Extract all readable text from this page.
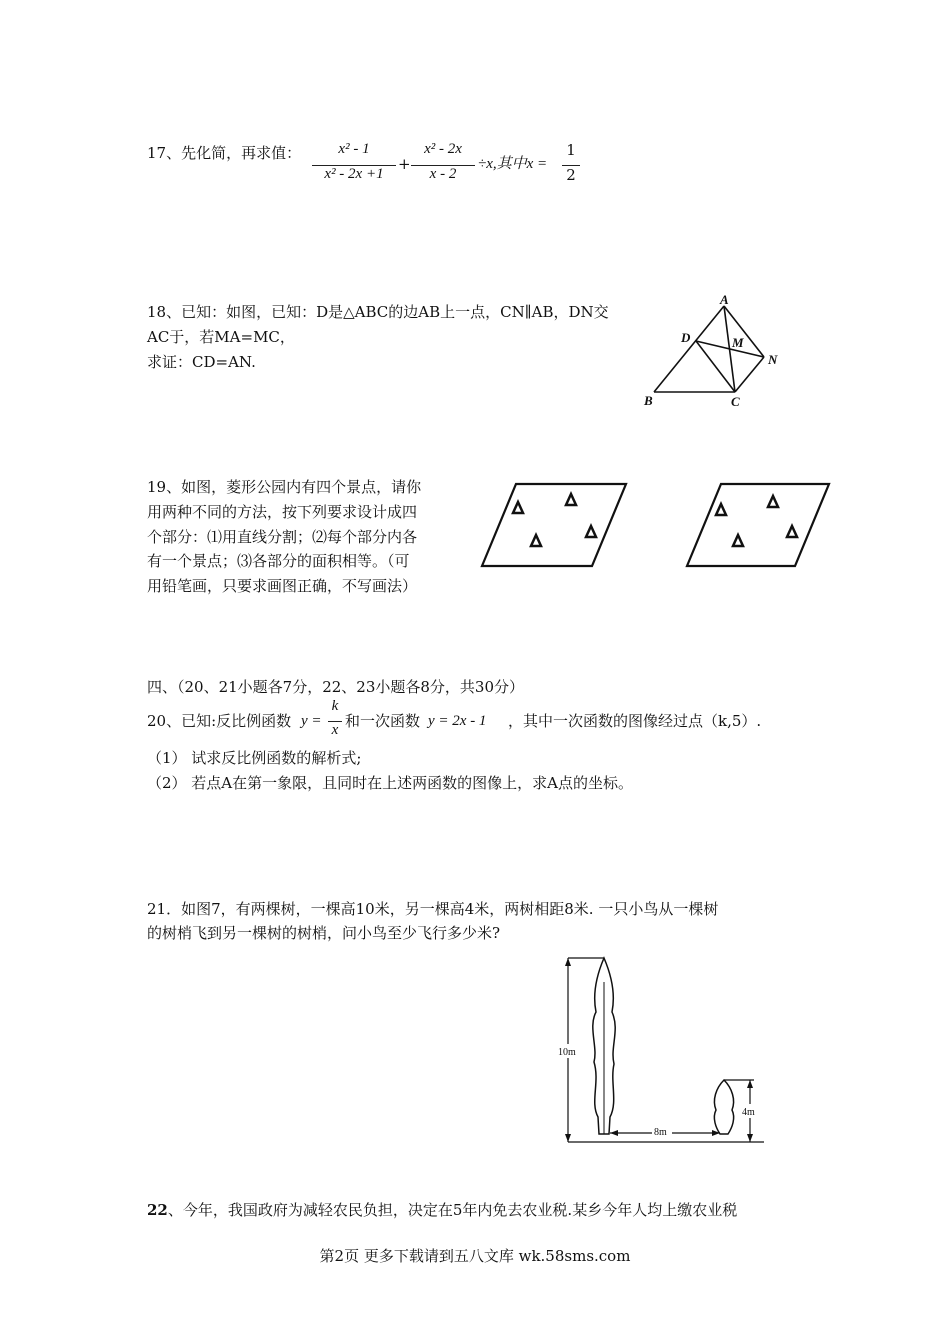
17、先化简，再求值：	x² - 1
x² - 2x +1
+
x² - 2x
x - 2
÷x,其中x =
1
2
18、已知：如图，已知：D是△ABC的边AB上一点，CN∥AB，DN交
AC于，若MA=MC，
求证：CD=AN.
A
B	C
D	M
N
19、如图，菱形公园内有四个景点，请你
用两种不同的方法，按下列要求设计成四
个部分：⑴用直线分割；⑵每个部分内各
有一个景点；⑶各部分的面积相等。（可
用铅笔画，只要求画图正确，不写画法）
四、（20、21小题各7分，22、23小题各8分，共30分）
20、已知:反比例函数 y =
k
x 和一次函数 y = 2x - 1 ，其中一次函数的图像经过点（k,5）.
（1） 试求反比例函数的解析式;
（2） 若点A在第一象限，且同时在上述两函数的图像上，求A点的坐标。
21．如图7，有两棵树，一棵高10米，另一棵高4米，两树相距8米. 一只小鸟从一棵树
的树梢飞到另一棵树的树梢，问小鸟至少飞行多少米?
10m
4m
8m
22、今年，我国政府为减轻农民负担，决定在5年内免去农业税.某乡今年人均上缴农业税
第2页 更多下载请到五八文库 wk.58sms.com
